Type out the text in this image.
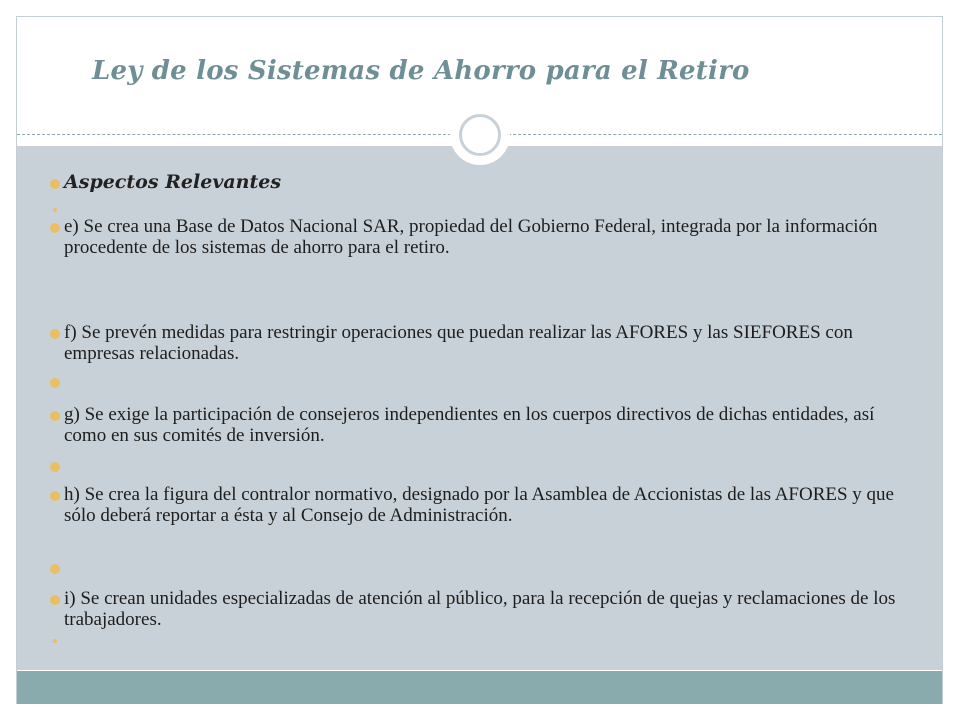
Ley de los Sistemas de Ahorro para el Retiro
Aspectos Relevantes
e) Se crea una Base de Datos Nacional SAR, propiedad del Gobierno Federal, integrada por la información procedente de los sistemas de ahorro para el retiro.
f) Se prevén medidas para restringir operaciones que puedan realizar las AFORES y las SIEFORES con empresas relacionadas.
g) Se exige la participación de consejeros independientes en los cuerpos directivos de dichas entidades, así como en sus comités de inversión.
h) Se crea la figura del contralor normativo, designado por la Asamblea de Accionistas de las AFORES y que sólo deberá reportar a ésta y al Consejo de Administración.
i) Se crean unidades especializadas de atención al público, para la recepción de quejas y reclamaciones de los trabajadores.
